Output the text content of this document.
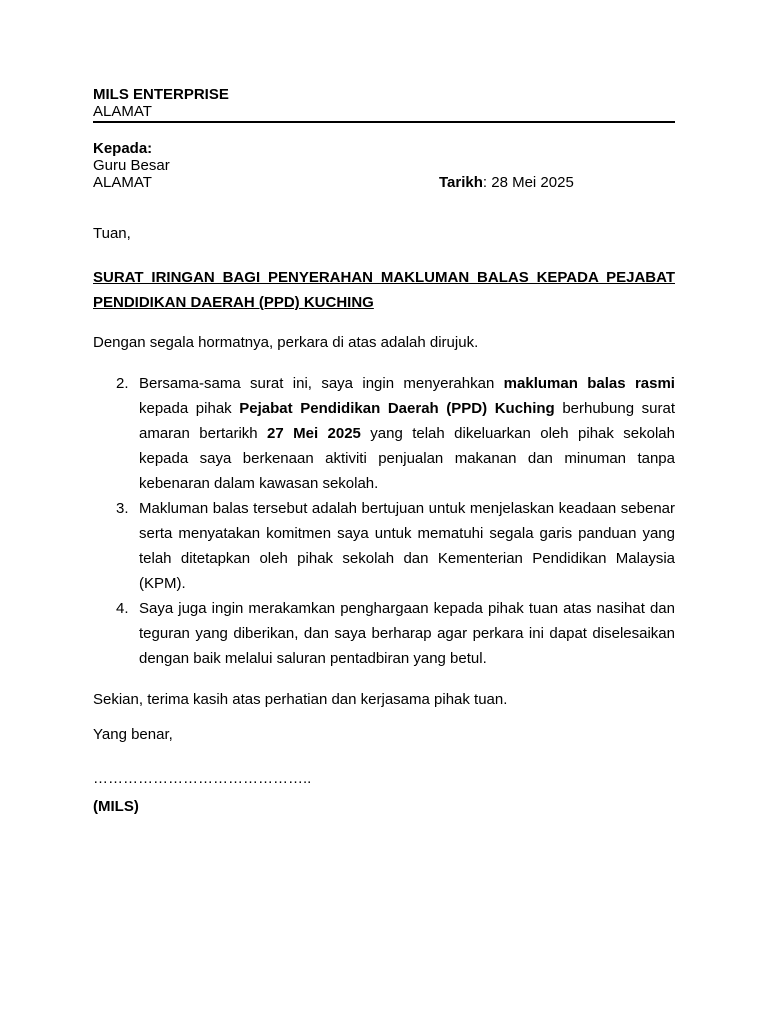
MILS ENTERPRISE
ALAMAT
Kepada:
Guru Besar
ALAMAT	Tarikh: 28 Mei 2025
Tuan,
SURAT IRINGAN BAGI PENYERAHAN MAKLUMAN BALAS KEPADA PEJABAT PENDIDIKAN DAERAH (PPD) KUCHING
Dengan segala hormatnya, perkara di atas adalah dirujuk.
2. Bersama-sama surat ini, saya ingin menyerahkan makluman balas rasmi kepada pihak Pejabat Pendidikan Daerah (PPD) Kuching berhubung surat amaran bertarikh 27 Mei 2025 yang telah dikeluarkan oleh pihak sekolah kepada saya berkenaan aktiviti penjualan makanan dan minuman tanpa kebenaran dalam kawasan sekolah.
3. Makluman balas tersebut adalah bertujuan untuk menjelaskan keadaan sebenar serta menyatakan komitmen saya untuk mematuhi segala garis panduan yang telah ditetapkan oleh pihak sekolah dan Kementerian Pendidikan Malaysia (KPM).
4. Saya juga ingin merakamkan penghargaan kepada pihak tuan atas nasihat dan teguran yang diberikan, dan saya berharap agar perkara ini dapat diselesaikan dengan baik melalui saluran pentadbiran yang betul.
Sekian, terima kasih atas perhatian dan kerjasama pihak tuan.
Yang benar,
……………………………………..
(MILS)
